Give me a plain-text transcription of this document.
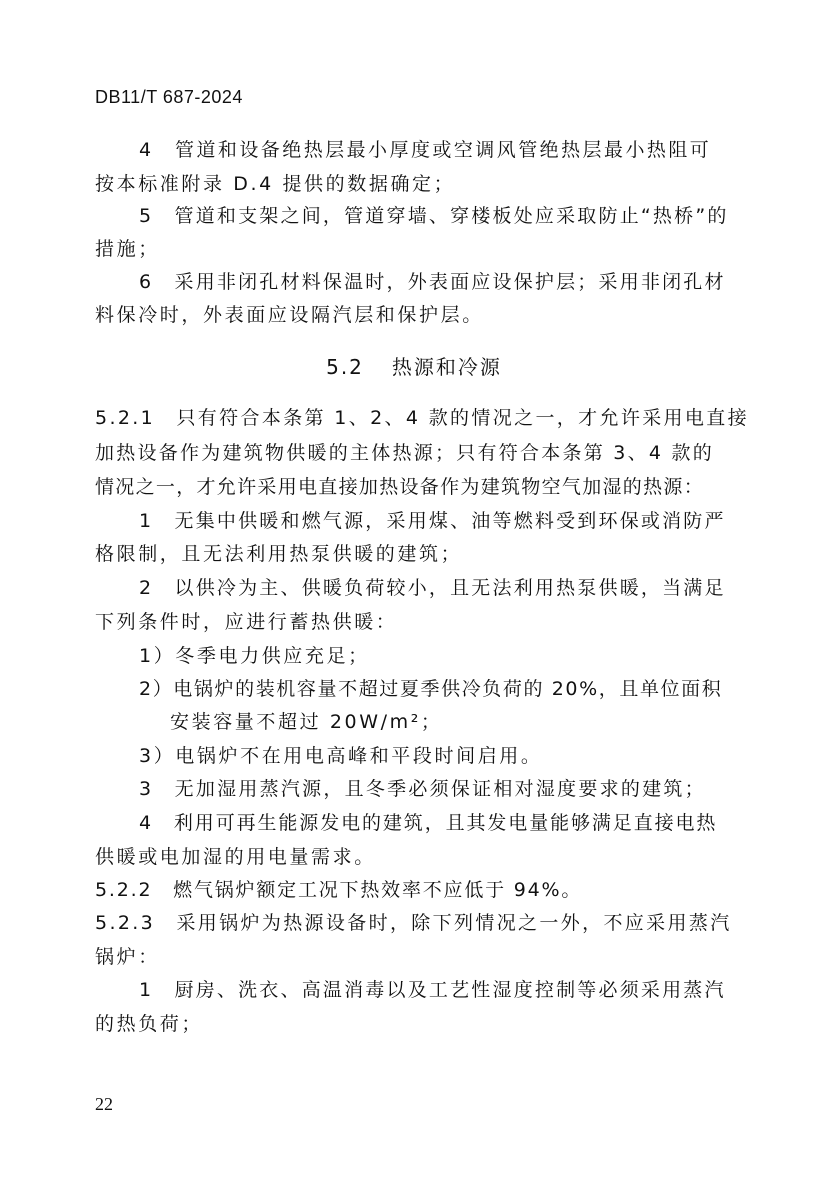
DB11/T 687-2024
4　管道和设备绝热层最小厚度或空调风管绝热层最小热阻可
按本标准附录 D.4 提供的数据确定；
5　管道和支架之间，管道穿墙、穿楼板处应采取防止“热桥”的
措施；
6　采用非闭孔材料保温时，外表面应设保护层；采用非闭孔材
料保冷时，外表面应设隔汽层和保护层。
5.2 热源和冷源
5.2.1　只有符合本条第 1、2、4 款的情况之一，才允许采用电直接
加热设备作为建筑物供暖的主体热源；只有符合本条第 3、4 款的
情况之一，才允许采用电直接加热设备作为建筑物空气加湿的热源：
1　无集中供暖和燃气源，采用煤、油等燃料受到环保或消防严
格限制，且无法利用热泵供暖的建筑；
2　以供冷为主、供暖负荷较小，且无法利用热泵供暖，当满足
下列条件时，应进行蓄热供暖：
1）冬季电力供应充足；
2）电锅炉的装机容量不超过夏季供冷负荷的 20%，且单位面积
安装容量不超过 20W/m²；
3）电锅炉不在用电高峰和平段时间启用。
3　无加湿用蒸汽源，且冬季必须保证相对湿度要求的建筑；
4　利用可再生能源发电的建筑，且其发电量能够满足直接电热
供暖或电加湿的用电量需求。
5.2.2　燃气锅炉额定工况下热效率不应低于 94%。
5.2.3　采用锅炉为热源设备时，除下列情况之一外，不应采用蒸汽
锅炉：
1　厨房、洗衣、高温消毒以及工艺性湿度控制等必须采用蒸汽
的热负荷；
22
